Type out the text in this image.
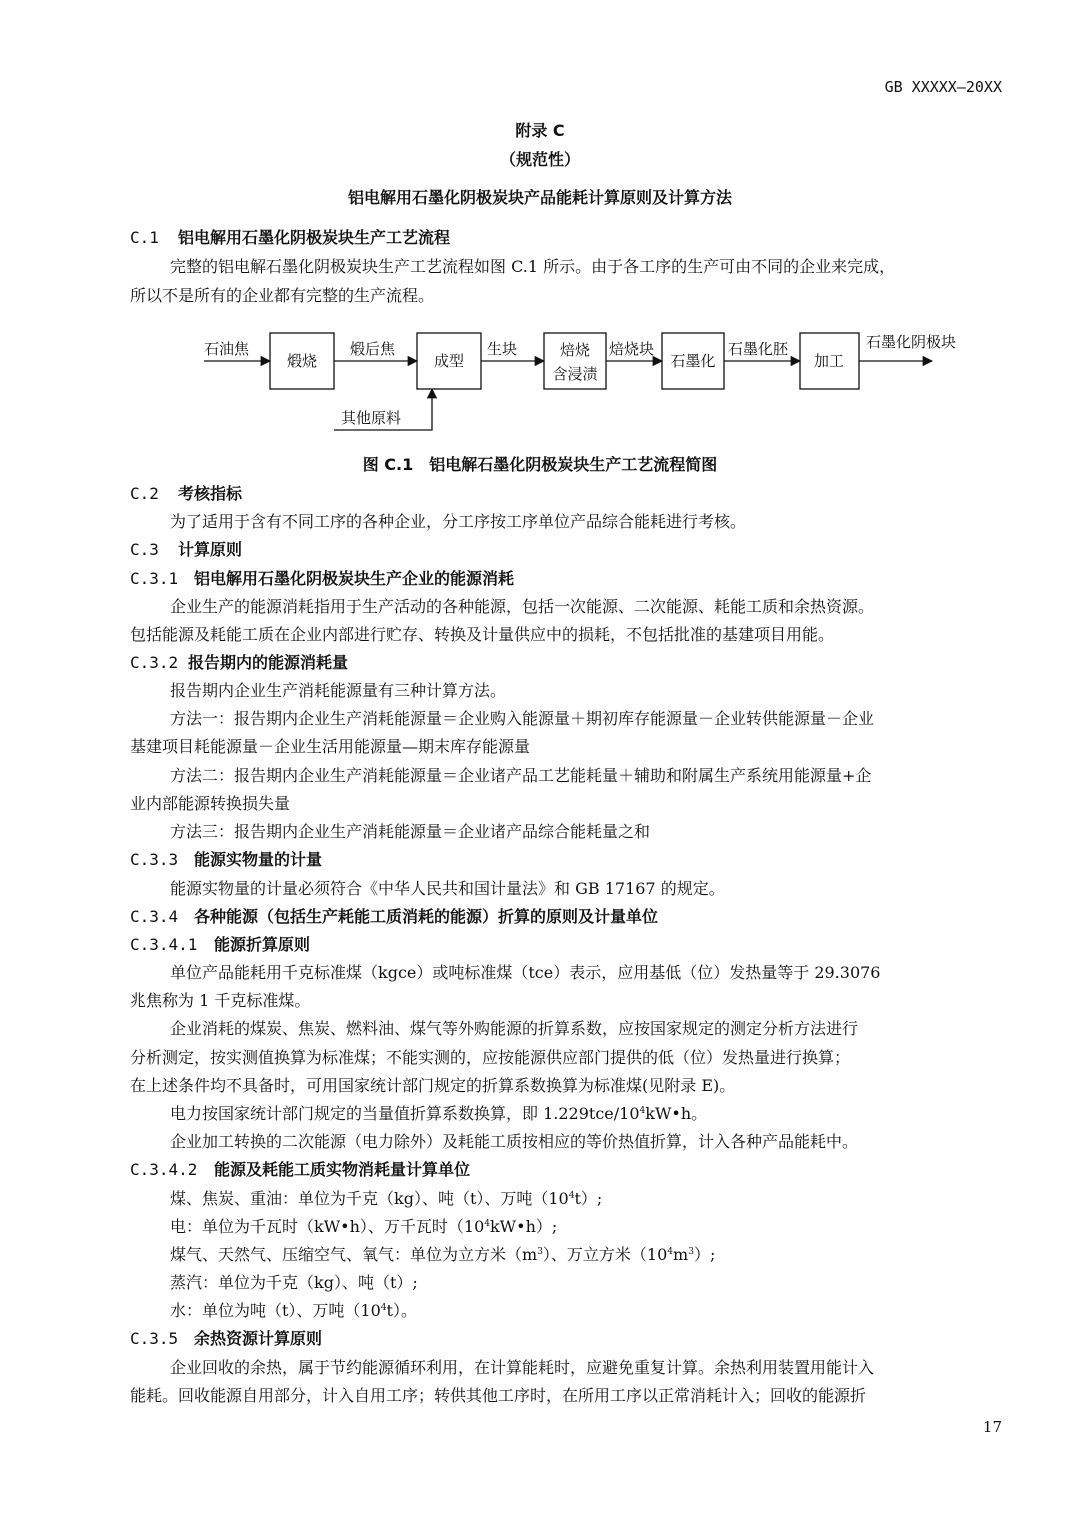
GB XXXXX—20XX
附录 C
（规范性）
铝电解用石墨化阴极炭块产品能耗计算原则及计算方法
C.1 铝电解用石墨化阴极炭块生产工艺流程
完整的铝电解石墨化阴极炭块生产工艺流程如图 C.1 所示。由于各工序的生产可由不同的企业来完成，
所以不是所有的企业都有完整的生产流程。
煅烧	成型
焙烧
含浸渍
石墨化	加工
石油焦	煅后焦	生块	焙烧块	石墨化胚	石墨化阴极块
其他原料
图 C.1　铝电解石墨化阴极炭块生产工艺流程简图
C.2 考核指标
为了适用于含有不同工序的各种企业，分工序按工序单位产品综合能耗进行考核。
C.3 计算原则
C.3.1 铝电解用石墨化阴极炭块生产企业的能源消耗
企业生产的能源消耗指用于生产活动的各种能源，包括一次能源、二次能源、耗能工质和余热资源。
包括能源及耗能工质在企业内部进行贮存、转换及计量供应中的损耗，不包括批准的基建项目用能。
C.3.2 报告期内的能源消耗量
报告期内企业生产消耗能源量有三种计算方法。
方法一：报告期内企业生产消耗能源量＝企业购入能源量＋期初库存能源量－企业转供能源量－企业
基建项目耗能源量－企业生活用能源量—期末库存能源量
方法二：报告期内企业生产消耗能源量＝企业诸产品工艺能耗量＋辅助和附属生产系统用能源量+企
业内部能源转换损失量
方法三：报告期内企业生产消耗能源量＝企业诸产品综合能耗量之和
C.3.3 能源实物量的计量
能源实物量的计量必须符合《中华人民共和国计量法》和 GB 17167 的规定。
C.3.4 各种能源（包括生产耗能工质消耗的能源）折算的原则及计量单位
C.3.4.1 能源折算原则
单位产品能耗用千克标准煤（kgce）或吨标准煤（tce）表示，应用基低（位）发热量等于 29.3076
兆焦称为 1 千克标准煤。
企业消耗的煤炭、焦炭、燃料油、煤气等外购能源的折算系数，应按国家规定的测定分析方法进行
分析测定，按实测值换算为标准煤；不能实测的，应按能源供应部门提供的低（位）发热量进行换算；
在上述条件均不具备时，可用国家统计部门规定的折算系数换算为标准煤(见附录 E)。
电力按国家统计部门规定的当量值折算系数换算，即 $1.229tce/10^4kW•h$。
企业加工转换的二次能源（电力除外）及耗能工质按相应的等价热值折算，计入各种产品能耗中。
C.3.4.2 能源及耗能工质实物消耗量计算单位
煤、焦炭、重油：单位为千克（kg）、吨（t）、万吨$(10^4t)$;
电：单位为千瓦时（kW•h）、万千瓦时$(10^4kW•h)$;
煤气、天然气、压缩空气、氧气：单位为立方米$(m^3)$、万立方米$(10^4m^3)$;
蒸汽：单位为千克（kg）、吨（t）;
水：单位为吨（t）、万吨$(10^4t)$。
C.3.5 余热资源计算原则
企业回收的余热，属于节约能源循环利用，在计算能耗时，应避免重复计算。余热利用装置用能计入
能耗。回收能源自用部分，计入自用工序；转供其他工序时，在所用工序以正常消耗计入；回收的能源折
17
